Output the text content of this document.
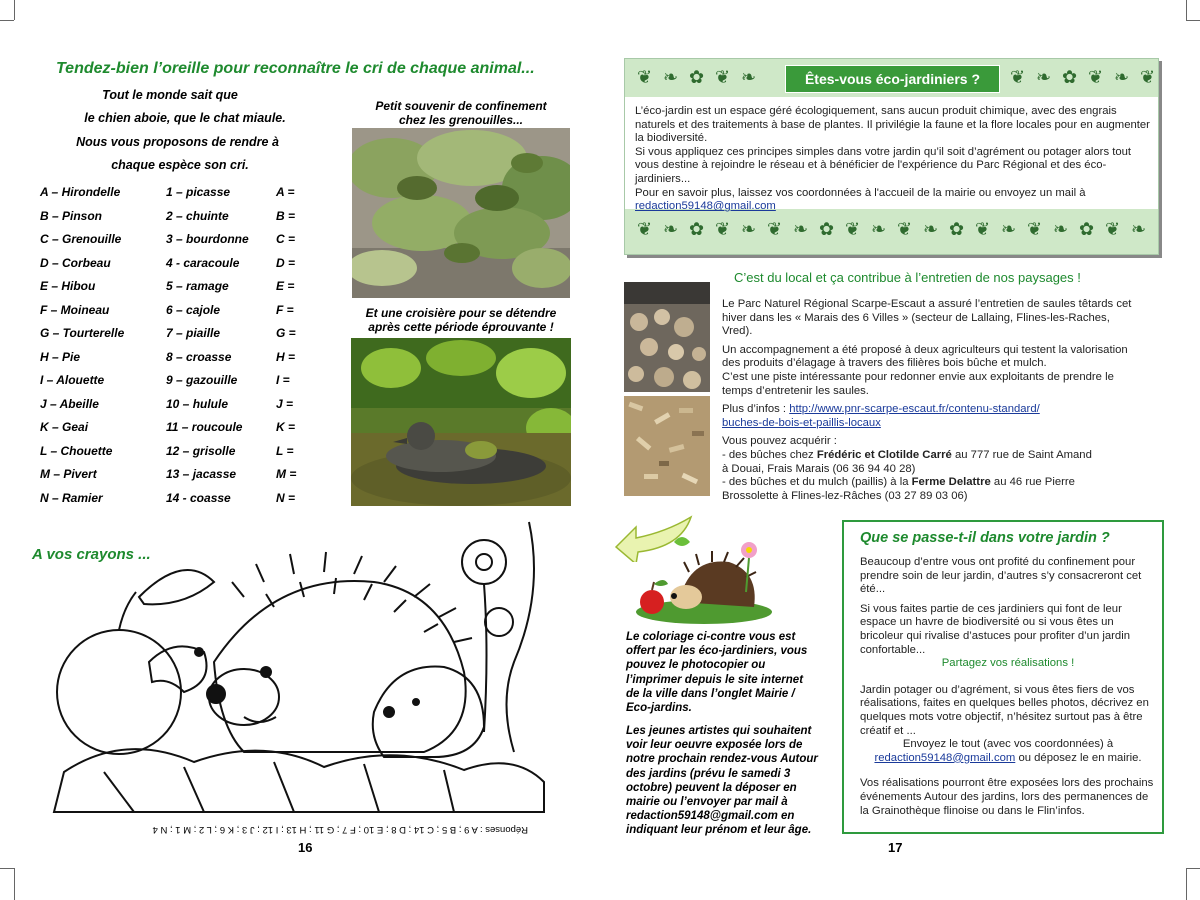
Tendez-bien l’oreille pour reconnaître le cri de chaque animal...
Tout le monde sait que
le chien aboie, que le chat miaule.
Nous vous proposons de rendre à
chaque espèce son cri.
A – Hirondelle	1 – picasse	A =
B – Pinson	2 – chuinte	B =
C – Grenouille	3 – bourdonne C =
D – Corbeau	4 - caracoule	D =
E – Hibou	5 – ramage	E =
F – Moineau	6 – cajole	F =
G – Tourterelle	7 – piaille	G =
H – Pie	8 – croasse	H =
I – Alouette	9 – gazouille	I =
J – Abeille	10 – hulule	J =
K – Geai	11 – roucoule	K =
L – Chouette	12 – grisolle	L =
M – Pivert	13 – jacasse	M =
N – Ramier	14 - coasse	N =
Petit souvenir de confinement
chez les grenouilles...
Et une croisière pour se détendre
après cette période éprouvante !
A vos crayons ...
Réponses : A 9 ; B 5 ; C 14 ; D 8 ; E 10 ; F 7 ; G 11 ; H 13 ; I 12 ; J 3 ; K 6 ; L 2 ; M 1 ; N 4
16
❦ ❧ ✿ ❦ ❧	❦ ❧ ✿ ❦ ❧ ❦
❦ ❧ ✿ ❦ ❧ ❦ ❧ ✿ ❦ ❧ ❦ ❧ ✿ ❦ ❧ ❦ ❧ ✿ ❦ ❧
Êtes-vous éco-jardiniers ?
L’éco-jardin est un espace géré écologiquement, sans aucun produit chimique, avec des engrais naturels et des traitements à base de plantes. Il privilégie la faune et la flore locales pour en augmenter la biodiversité.
Si vous appliquez ces principes simples dans votre jardin qu’il soit d’agrément ou potager alors tout vous destine à rejoindre le réseau et à bénéficier de l'expérience du Parc Régional et des éco-jardiniers...
Pour en savoir plus, laissez vos coordonnées à l'accueil de la mairie ou envoyez un mail à
redaction59148@gmail.com
C’est du local et ça contribue à l’entretien de nos paysages !
Le Parc Naturel Régional Scarpe-Escaut a assuré l’entretien de saules têtards cet hiver dans les « Marais des 6 Villes » (secteur de Lallaing, Flines-les-Raches, Vred).
Un accompagnement a été proposé à deux agriculteurs qui testent la valorisation des produits d’élagage à travers des filières bois bûche et mulch.
C’est une piste intéressante pour redonner envie aux exploitants de prendre le temps d’entretenir les saules.
Plus d’infos : http://www.pnr-scarpe-escaut.fr/contenu-standard/
buches-de-bois-et-paillis-locaux
Vous pouvez acquérir :
- des bûches chez Frédéric et Clotilde Carré au 777 rue de Saint Amand
à Douai, Frais Marais (06 36 94 40 28)
- des bûches et du mulch (paillis) à la Ferme Delattre au 46 rue Pierre
Brossolette à Flines-lez-Râches (03 27 89 03 06)
Le coloriage ci-contre vous est offert par les éco-jardiniers, vous pouvez le photocopier ou l’imprimer depuis le site internet de la ville dans l’onglet Mairie / Eco-jardins.
Les jeunes artistes qui souhaitent voir leur oeuvre exposée lors de notre prochain rendez-vous Autour des jardins (prévu le samedi 3 octobre) peuvent la déposer en mairie ou l’envoyer par mail à redaction59148@gmail.com en indiquant leur prénom et leur âge.
Que se passe-t-il dans votre jardin ?
Beaucoup d’entre vous ont profité du confinement pour prendre soin de leur jardin, d’autres s’y consacreront cet été...
Si vous faites partie de ces jardiniers qui font de leur espace un havre de biodiversité ou si vous êtes un bricoleur qui rivalise d’astuces pour profiter d’un jardin confortable...
Partagez vos réalisations !
Jardin potager ou d’agrément, si vous êtes fiers de vos réalisations, faites en quelques belles photos, décrivez en quelques mots votre objectif, n’hésitez surtout pas à être créatif et ...
Envoyez le tout (avec vos coordonnées) à
redaction59148@gmail.com ou déposez le en mairie.
Vos réalisations pourront être exposées lors des prochains événements Autour des jardins, lors des permanences de la Grainothèque flinoise ou dans le Flin’infos.
17
